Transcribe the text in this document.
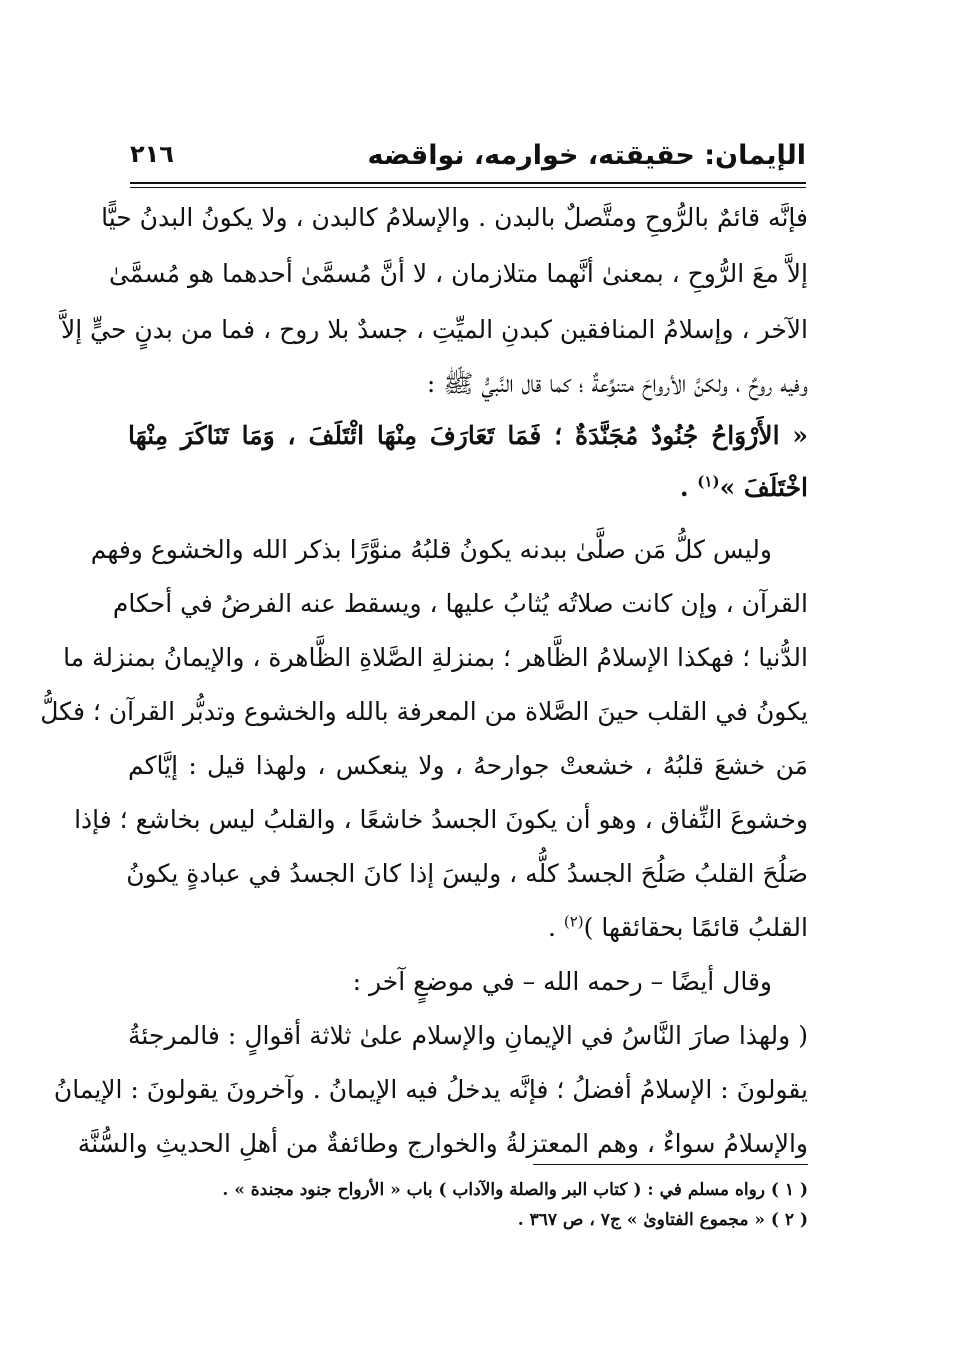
الإيمان: حقيقته، خوارمه، نواقضه
٢١٦
فإنَّه قائمٌ بالرُّوحِ ومتَّصلٌ بالبدن . والإسلامُ كالبدن ، ولا يكونُ البدنُ حيًّا
إلاَّ معَ الرُّوحِ ، بمعنىٰ أنَّهما متلازمان ، لا أنَّ مُسمَّىٰ أحدهما هو مُسمَّىٰ
الآخر ، وإسلامُ المنافقين كبدنِ الميِّتِ ، جسدٌ بلا روح ، فما من بدنٍ حيٍّ إلاَّ
وفيه روحٌ ، ولكنَّ الأرواحَ متنوِّعةٌ ؛ كما قال النَّبيُّ ﷺ :
« الأَرْوَاحُ جُنُودٌ مُجَنَّدَةٌ ؛ فَمَا تَعَارَفَ مِنْهَا ائْتَلَفَ ، وَمَا تَنَاكَرَ مِنْهَا
اخْتَلَفَ »$^{(١)}$ .
وليس كلُّ مَن صلَّىٰ ببدنه يكونُ قلبُهُ منوَّرًا بذكر الله والخشوع وفهم
القرآن ، وإن كانت صلاتُه يُثابُ عليها ، ويسقط عنه الفرضُ في أحكام
الدُّنيا ؛ فهكذا الإسلامُ الظَّاهر ؛ بمنزلةِ الصَّلاةِ الظَّاهرة ، والإيمانُ بمنزلة ما
يكونُ في القلب حينَ الصَّلاة من المعرفة بالله والخشوع وتدبُّر القرآن ؛ فكلُّ
مَن خشعَ قلبُهُ ، خشعتْ جوارحهُ ، ولا ينعكس ، ولهذا قيل : إيَّاكم
وخشوعَ النِّفاق ، وهو أن يكونَ الجسدُ خاشعًا ، والقلبُ ليس بخاشع ؛ فإذا
صَلُحَ القلبُ صَلُحَ الجسدُ كلُّه ، وليسَ إذا كانَ الجسدُ في عبادةٍ يكونُ
القلبُ قائمًا بحقائقها )$^{(٢)}$ .
وقال أيضًا – رحمه الله – في موضعٍ آخر :
( ولهذا صارَ النَّاسُ في الإيمانِ والإسلام علىٰ ثلاثة أقوالٍ : فالمرجئةُ
يقولونَ : الإسلامُ أفضلُ ؛ فإنَّه يدخلُ فيه الإيمانُ . وآخرونَ يقولونَ : الإيمانُ
والإسلامُ سواءٌ ، وهم المعتزلةُ والخوارج وطائفةٌ من أهلِ الحديثِ والسُّنَّة
( ١ ) رواه مسلم في : ( كتاب البر والصلة والآداب ) باب « الأرواح جنود مجندة » .
( ٢ ) « مجموع الفتاوىٰ » ج٧ ، ص ٣٦٧ .
